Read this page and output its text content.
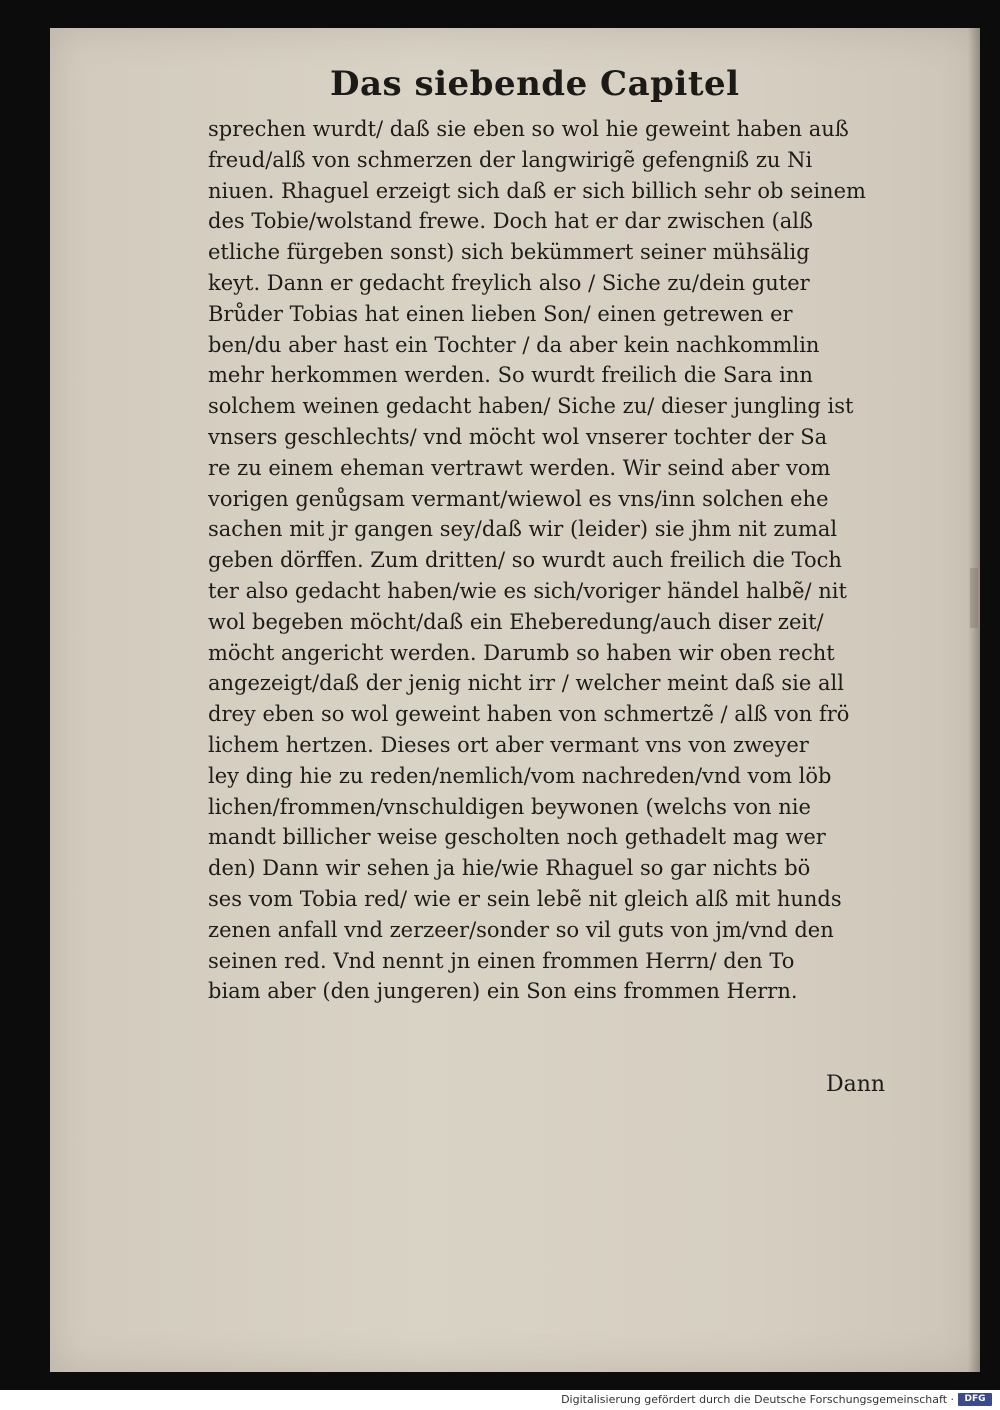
Das siebende Capitel
sprechen wurdt/ daß sie eben so wol hie geweint haben auß
freud/alß von schmerzen der langwirigẽ gefengniß zu Ni
niuen. Rhaguel erzeigt sich daß er sich billich sehr ob seinem
des Tobie/wolstand frewe. Doch hat er dar zwischen (alß
etliche fürgeben sonst) sich bekümmert seiner mühsälig
keyt. Dann er gedacht freylich also / Siche zu/dein guter
Brůder Tobias hat einen lieben Son/ einen getrewen er
ben/du aber hast ein Tochter / da aber kein nachkommlin
mehr herkommen werden. So wurdt freilich die Sara inn
solchem weinen gedacht haben/ Siche zu/ dieser jungling ist
vnsers geschlechts/ vnd möcht wol vnserer tochter der Sa
re zu einem eheman vertrawt werden. Wir seind aber vom
vorigen genůgsam vermant/wiewol es vns/inn solchen ehe
sachen mit jr gangen sey/daß wir (leider) sie jhm nit zumal
geben dörffen. Zum dritten/ so wurdt auch freilich die Toch
ter also gedacht haben/wie es sich/voriger händel halbẽ/ nit
wol begeben möcht/daß ein Eheberedung/auch diser zeit/
möcht angericht werden. Darumb so haben wir oben recht
angezeigt/daß der jenig nicht irr / welcher meint daß sie all
drey eben so wol geweint haben von schmertzẽ / alß von frö
lichem hertzen. Dieses ort aber vermant vns von zweyer
ley ding hie zu reden/nemlich/vom nachreden/vnd vom löb
lichen/frommen/vnschuldigen beywonen (welchs von nie
mandt billicher weise gescholten noch gethadelt mag wer
den) Dann wir sehen ja hie/wie Rhaguel so gar nichts bö
ses vom Tobia red/ wie er sein lebẽ nit gleich alß mit hunds
zenen anfall vnd zerzeer/sonder so vil guts von jm/vnd den
seinen red. Vnd nennt jn einen frommen Herrn/ den To
biam aber (den jungeren) ein Son eins frommen Herrn.
Dann
Digitalisierung gefördert durch die Deutsche Forschungsgemeinschaft ·	DFG
